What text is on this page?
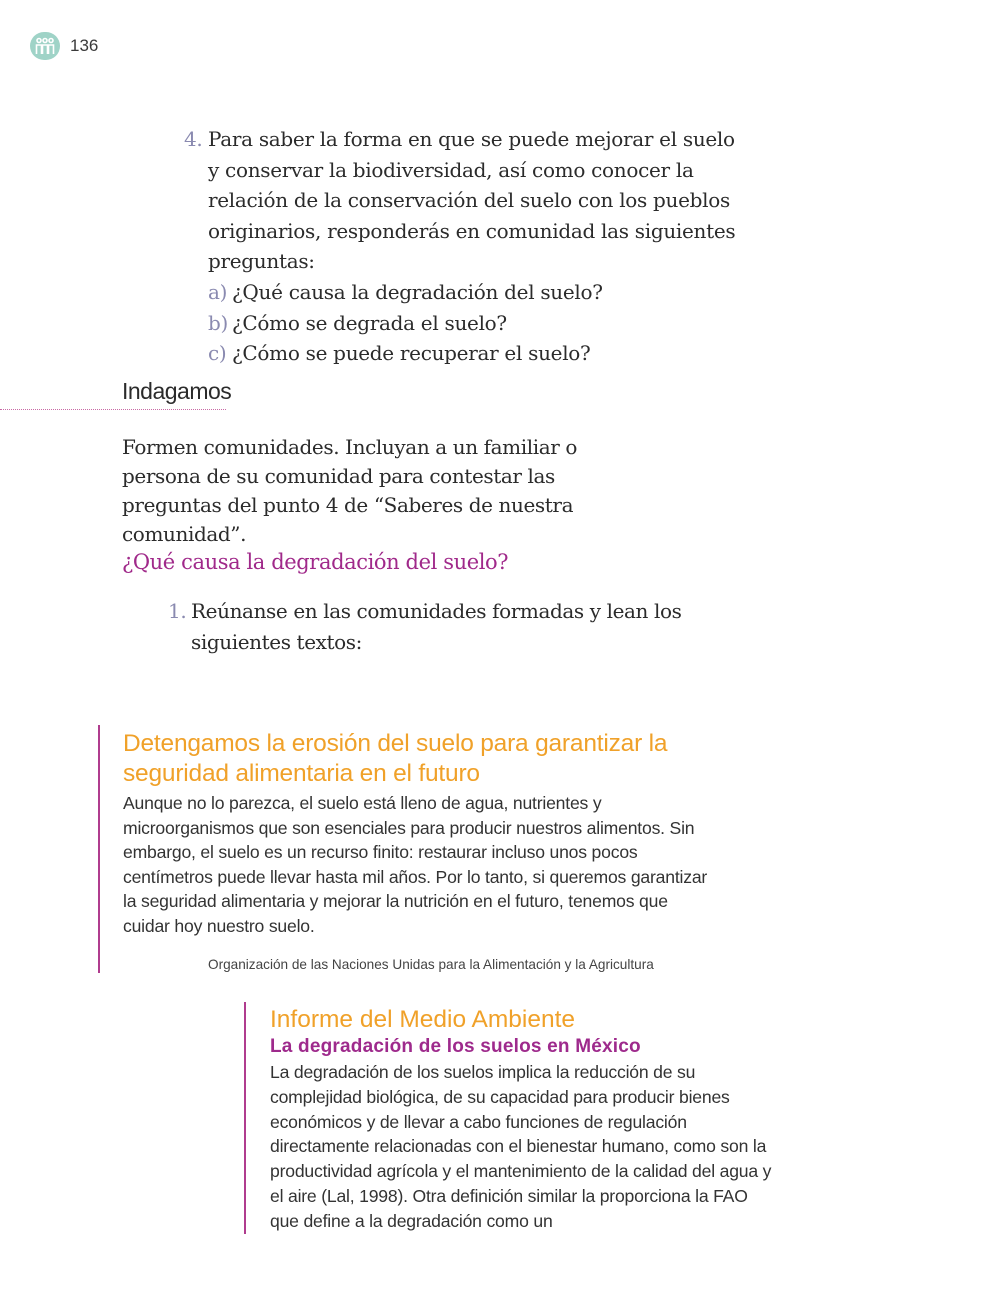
136
4. Para saber la forma en que se puede mejorar el suelo y conservar la biodiversidad, así como conocer la relación de la conservación del suelo con los pueblos originarios, responderás en comunidad las siguientes preguntas:
a) ¿Qué causa la degradación del suelo?
b) ¿Cómo se degrada el suelo?
c) ¿Cómo se puede recuperar el suelo?
Indagamos
Formen comunidades. Incluyan a un familiar o persona de su comunidad para contestar las preguntas del punto 4 de “Saberes de nuestra comunidad”.
¿Qué causa la degradación del suelo?
1. Reúnanse en las comunidades formadas y lean los siguientes textos:
Detengamos la erosión del suelo para garantizar la seguridad alimentaria en el futuro
Aunque no lo parezca, el suelo está lleno de agua, nutrientes y microorganismos que son esenciales para producir nuestros alimentos. Sin embargo, el suelo es un recurso finito: restaurar incluso unos pocos centímetros puede llevar hasta mil años. Por lo tanto, si queremos garantizar la seguridad alimentaria y mejorar la nutrición en el futuro, tenemos que cuidar hoy nuestro suelo.
Organización de las Naciones Unidas para la Alimentación y la Agricultura
Informe del Medio Ambiente
La degradación de los suelos en México
La degradación de los suelos implica la reducción de su complejidad biológica, de su capacidad para producir bienes económicos y de llevar a cabo funciones de regulación directamente relacionadas con el bienestar humano, como son la productividad agrícola y el mantenimiento de la calidad del agua y el aire (Lal, 1998). Otra definición similar la proporciona la FAO que define a la degradación como un
